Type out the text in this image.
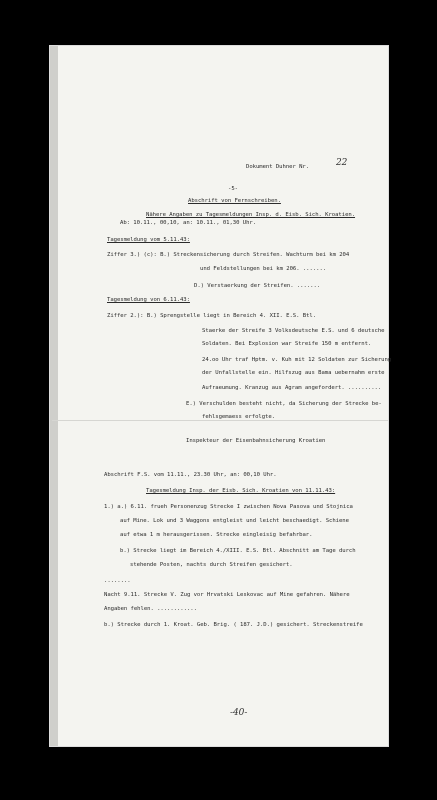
Dokument Duhner Nr.	22

-5-

Abschrift von Fernschreiben.

Nähere Angaben zu Tagesmeldungen Insp. d. Eisb. Sich. Kroatien.

Ab: 10.11., 00,10, an: 10.11., 01,30 Uhr.

Tagesmeldung vom 5.11.43:

Ziffer 3.) (c): B.) Streckensicherung durch Streifen. Wachturm bei km 204

und Feldstellungen bei km 206. .......

D.) Verstaerkung der Streifen. .......

Tagesmeldung von 6.11.43:

Ziffer 2.): B.) Sprengstelle liegt in Bereich 4. XII. E.S. Btl.

Staerke der Streife 3 Volksdeutsche E.S. und 6 deutsche

Soldaten. Bei Explosion war Streife 150 m entfernt.

24.oo Uhr traf Hptm. v. Kuh mit 12 Soldaten zur Sicherung

der Unfallstelle ein. Hilfszug aus Bama uebernahm erste

Aufraeumung. Kranzug aus Agram angefordert. ..........

E.) Verschulden besteht nicht, da Sicherung der Strecke be-

fehlsgemaess erfolgte.

Inspekteur der Eisenbahnsicherung Kroatien

Abschrift F.S. vom 11.11., 23.30 Uhr, an: 00,10 Uhr.

Tagesmeldung Insp. der Eisb. Sich. Kroatien von 11.11.43:

1.) a.) 6.11. frueh Personenzug Strecke I zwischen Nova Pasova und Stojnica

auf Mine. Lok und 3 Waggons entgleist und leicht beschaedigt. Schiene

auf etwa 1 m herausgerissen. Strecke eingleisig befahrbar.

b.) Strecke liegt im Bereich 4./XIII. E.S. Btl. Abschnitt am Tage durch

stehende Posten, nachts durch Streifen gesichert.

........

Nacht 9.11. Strecke V. Zug vor Hrvatski Leskovac auf Mine gefahren. Nähere

Angaben fehlen. ............

b.) Strecke durch 1. Kroat. Geb. Brig. ( 187. J.D.) gesichert. Streckenstreife

-40-
